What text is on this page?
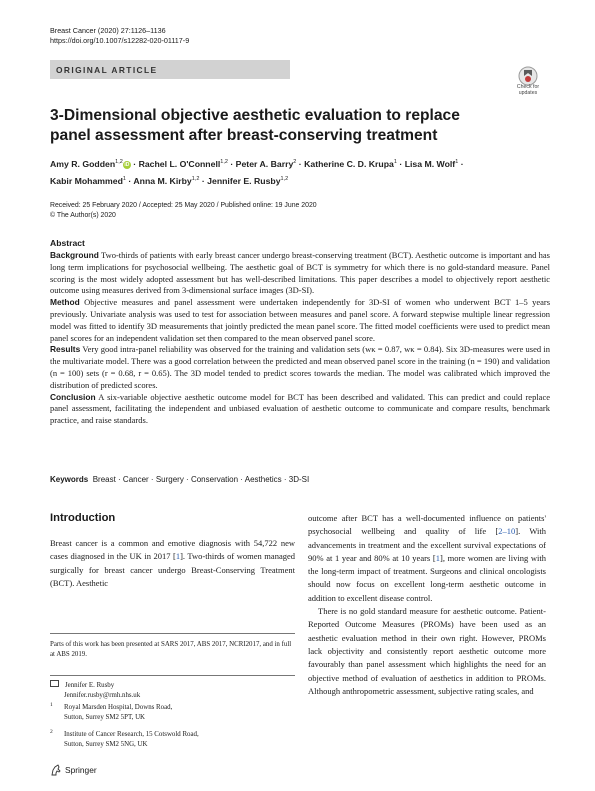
Breast Cancer (2020) 27:1126–1136
https://doi.org/10.1007/s12282-020-01117-9
ORIGINAL ARTICLE
Check for
updates
3-Dimensional objective aesthetic evaluation to replace panel assessment after breast-conserving treatment
Amy R. Godden$^{1,2}$ iD · Rachel L. O'Connell$^{1,2}$ · Peter A. Barry$^2$ · Katherine C. D. Krupa$^1$ · Lisa M. Wolf$^1$ ·
Kabir Mohammed$^1$ · Anna M. Kirby$^{1,2}$ · Jennifer E. Rusby$^{1,2}$
Received: 25 February 2020 / Accepted: 25 May 2020 / Published online: 19 June 2020
© The Author(s) 2020
Abstract

Background Two-thirds of patients with early breast cancer undergo breast-conserving treatment (BCT). Aesthetic outcome is important and has long term implications for psychosocial wellbeing. The aesthetic goal of BCT is symmetry for which there is no gold-standard measure. Panel scoring is the most widely adopted assessment but has well-described limitations. This paper describes a model to objectively report aesthetic outcome using measures derived from 3-dimensional surface images (3D-SI).

Method Objective measures and panel assessment were undertaken independently for 3D-SI of women who underwent BCT 1–5 years previously. Univariate analysis was used to test for association between measures and panel score. A forward stepwise multiple linear regression model was fitted to identify 3D measurements that jointly predicted the mean panel score. The fitted model coefficients were used to predict mean panel scores for an independent validation set then compared to the mean observed panel score.

Results Very good intra-panel reliability was observed for the training and validation sets (wκ = 0.87, wκ = 0.84). Six 3D-measures were used in the multivariate model. There was a good correlation between the predicted and mean observed panel score in the training (n = 190) and validation (n = 100) sets (r = 0.68, r = 0.65). The 3D model tended to predict scores towards the median. The model was calibrated which improved the distribution of predicted scores.

Conclusion A six-variable objective aesthetic outcome model for BCT has been described and validated. This can predict and could replace panel assessment, facilitating the independent and unbiased evaluation of aesthetic outcome to communicate and compare results, benchmark practice, and raise standards.

Keywords Breast · Cancer · Surgery · Conservation · Aesthetics · 3D-SI
Introduction

Breast cancer is a common and emotive diagnosis with 54,722 new cases diagnosed in the UK in 2017 [1]. Two-thirds of women managed surgically for breast cancer undergo Breast-Conserving Treatment (BCT). Aesthetic

outcome after BCT has a well-documented influence on patients' psychosocial wellbeing and quality of life [2–10]. With advancements in treatment and the excellent survival expectations of 90% at 1 year and 80% at 10 years [1], more women are living with the long-term impact of treatment. Surgeons and clinical oncologists should now focus on excellent long-term aesthetic outcome in addition to excellent disease control.

There is no gold standard measure for aesthetic outcome. Patient-Reported Outcome Measures (PROMs) have been used as an aesthetic evaluation method in their own right. However, PROMs lack objectivity and consistently report aesthetic outcome more favourably than panel assessment which highlights the need for an objective method of evaluation of aesthetics in addition to PROMs. Although anthropometric assessment, subjective rating scales, and

Parts of this work has been presented at SARS 2017, ABS 2017, NCRI2017, and in full at ABS 2019.
Jennifer E. Rusby
Jennifer.rusby@rmh.nhs.uk
1 Royal Marsden Hospital, Downs Road,
Sutton, Surrey SM2 5PT, UK
2 Institute of Cancer Research, 15 Cotswold Road,
Sutton, Surrey SM2 5NG, UK
Springer
